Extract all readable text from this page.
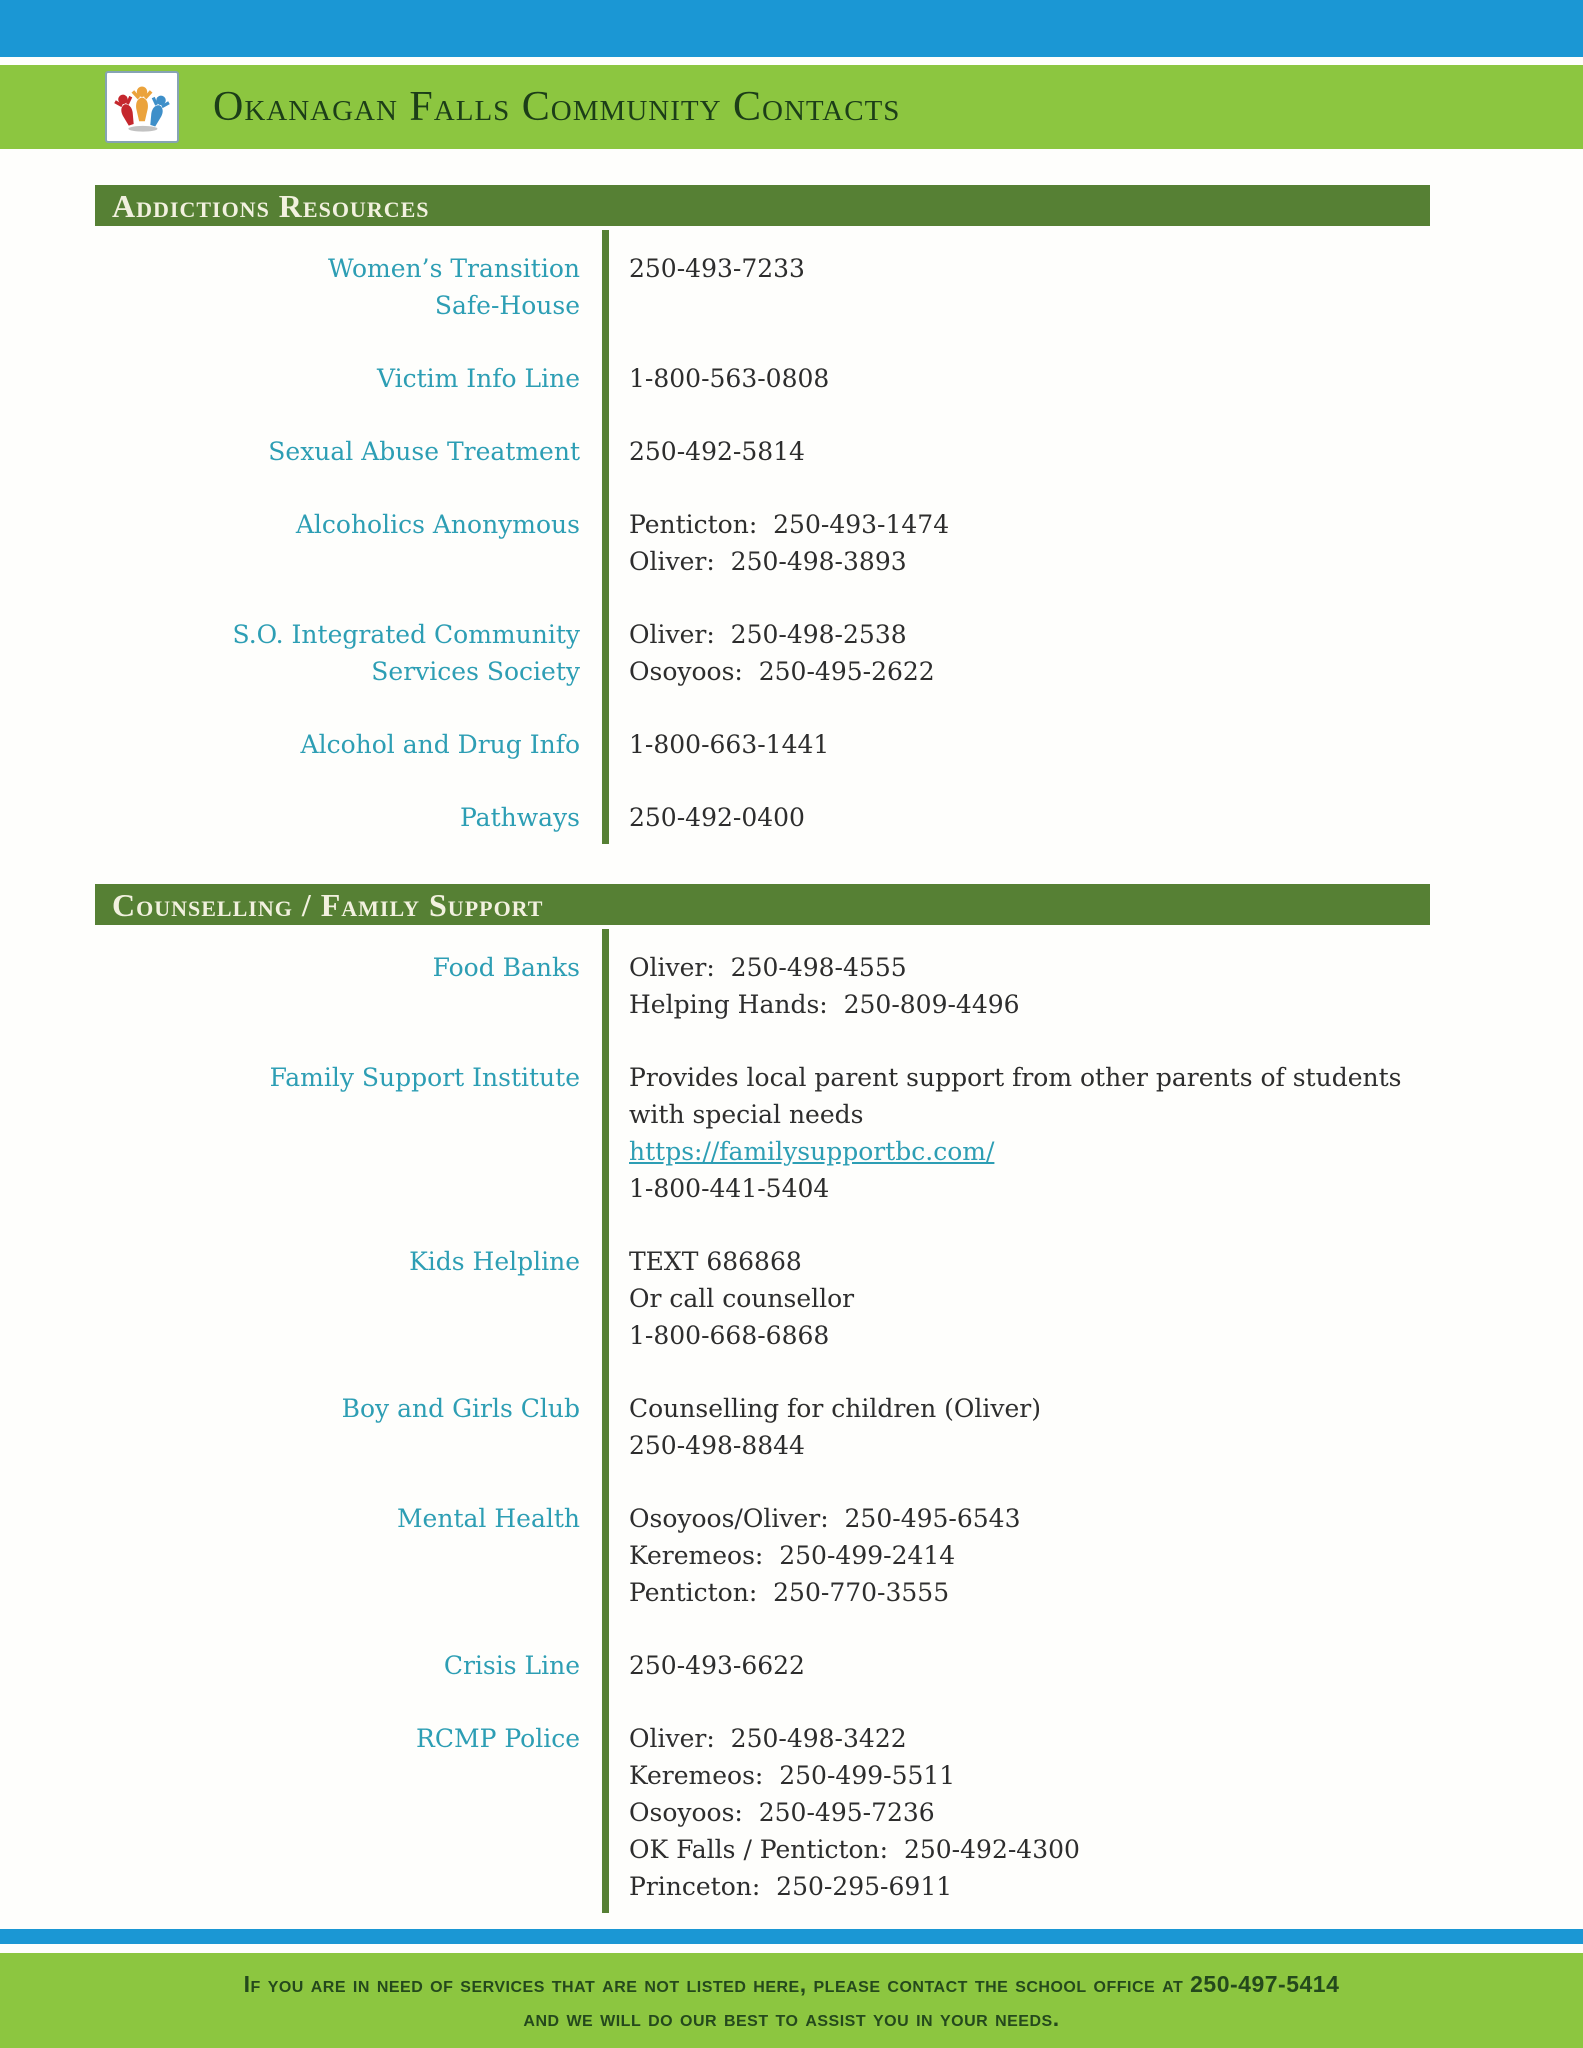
Okanagan Falls Community Contacts
Addictions Resources
Women’s Transition
Safe-House
250-493-7233
Victim Info Line 1-800-563-0808
Sexual Abuse Treatment 250-492-5814
Alcoholics Anonymous Penticton:  250-493-1474
Oliver:  250-498-3893
S.O. Integrated Community
Services Society
Oliver:  250-498-2538
Osoyoos:  250-495-2622
Alcohol and Drug Info 1-800-663-1441
Pathways 250-492-0400
Counselling / Family Support
Food Banks Oliver:  250-498-4555
Helping Hands:  250-809-4496
Family Support Institute Provides local parent support from other parents of students
with special needs
https://familysupportbc.com/
1-800-441-5404
Kids Helpline TEXT 686868
Or call counsellor
1-800-668-6868
Boy and Girls Club Counselling for children (Oliver)
250-498-8844
Mental Health Osoyoos/Oliver:  250-495-6543
Keremeos:  250-499-2414
Penticton:  250-770-3555
Crisis Line 250-493-6622
RCMP Police Oliver:  250-498-3422
Keremeos:  250-499-5511
Osoyoos:  250-495-7236
OK Falls / Penticton:  250-492-4300
Princeton:  250-295-6911
If you are in need of services that are not listed here, please contact the school office at 250-497-5414
and we will do our best to assist you in your needs.
